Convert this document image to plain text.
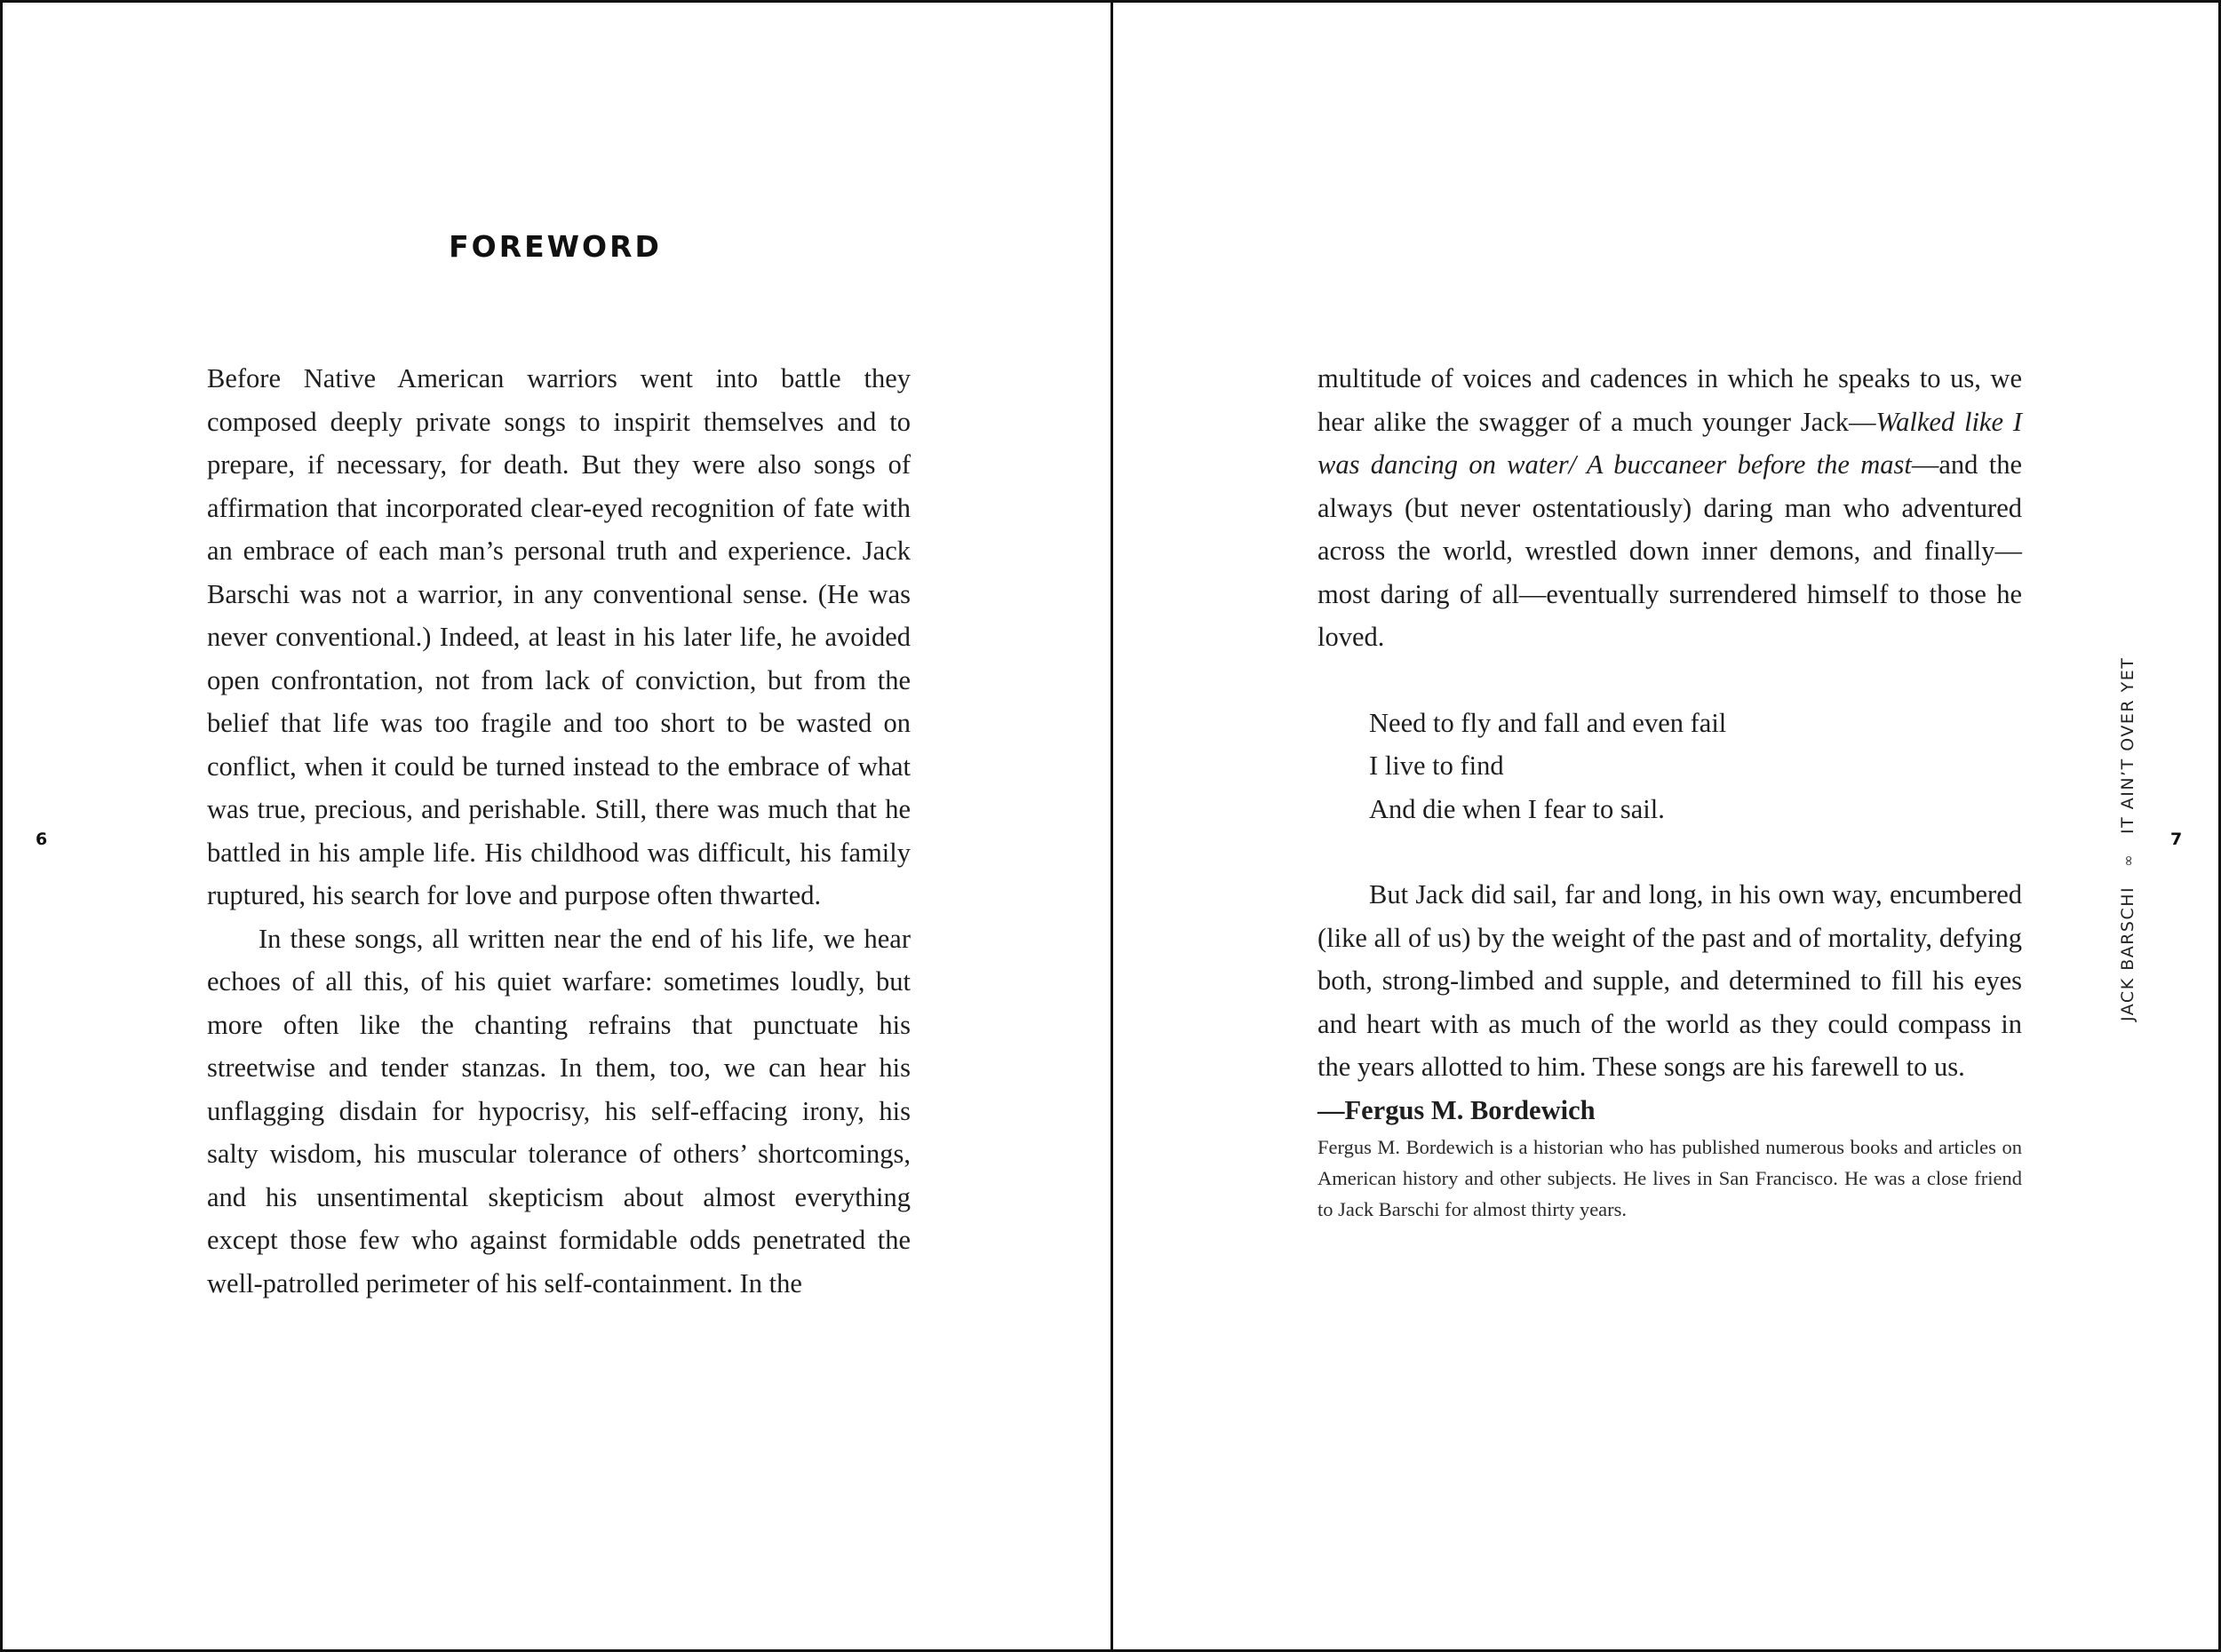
FOREWORD

Before Native American warriors went into battle they composed deeply private songs to inspirit themselves and to prepare, if necessary, for death. But they were also songs of affirmation that incorporated clear-eyed recognition of fate with an embrace of each man’s personal truth and experience. Jack Barschi was not a warrior, in any conventional sense. (He was never conventional.) Indeed, at least in his later life, he avoided open confrontation, not from lack of conviction, but from the belief that life was too fragile and too short to be wasted on conflict, when it could be turned instead to the embrace of what was true, precious, and perishable. Still, there was much that he battled in his ample life. His childhood was difficult, his family ruptured, his search for love and purpose often thwarted.

In these songs, all written near the end of his life, we hear echoes of all this, of his quiet warfare: sometimes loudly, but more often like the chanting refrains that punctuate his streetwise and tender stanzas. In them, too, we can hear his unflagging disdain for hypocrisy, his self-effacing irony, his salty wisdom, his muscular tolerance of others’ shortcomings, and his unsentimental skepticism about almost everything except those few who against formidable odds penetrated the well-patrolled perimeter of his self-containment. In the

6

multitude of voices and cadences in which he speaks to us, we hear alike the swagger of a much younger Jack—Walked like I was dancing on water/ A buccaneer before the mast—and the always (but never ostentatiously) daring man who adventured across the world, wrestled down inner demons, and finally—most daring of all—eventually surrendered himself to those he loved.

Need to fly and fall and even fail
I live to find
And die when I fear to sail.

But Jack did sail, far and long, in his own way, encumbered (like all of us) by the weight of the past and of mortality, defying both, strong-limbed and supple, and determined to fill his eyes and heart with as much of the world as they could compass in the years allotted to him. These songs are his farewell to us.

—Fergus M. Bordewich

Fergus M. Bordewich is a historian who has published numerous books and articles on American history and other subjects. He lives in San Francisco. He was a close friend to Jack Barschi for almost thirty years.

JACK BARSCHI
∞
IT AIN’T OVER YET
7
